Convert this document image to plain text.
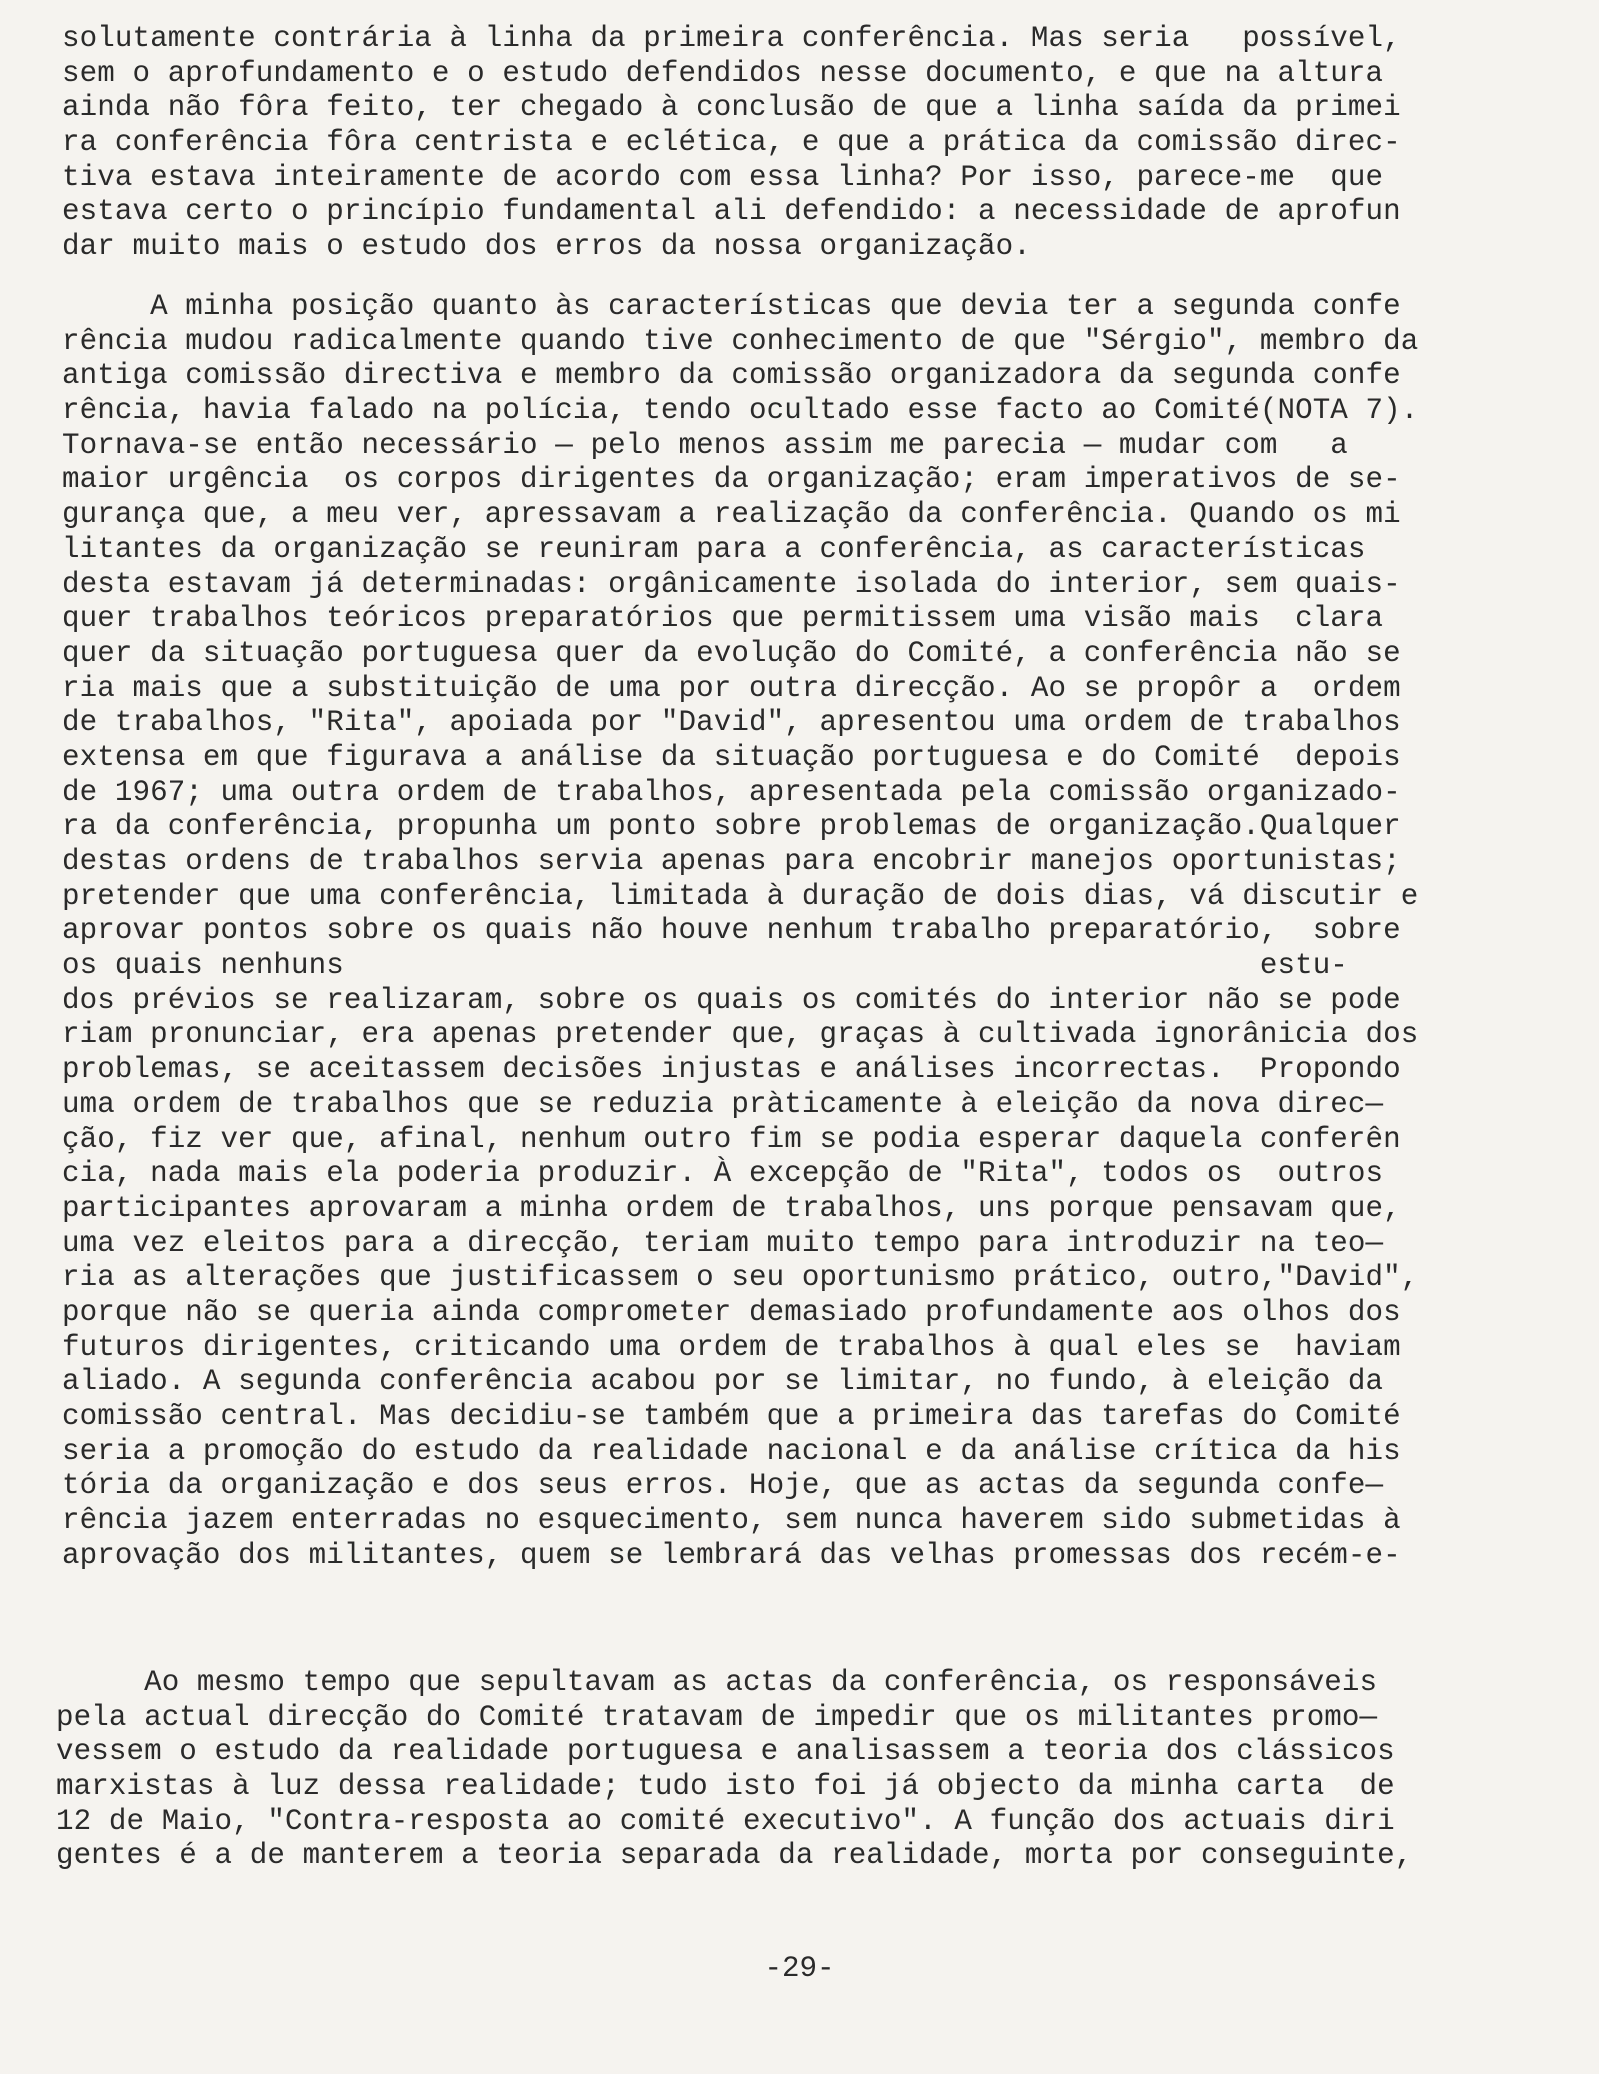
solutamente contrária à linha da primeira conferência. Mas seria   possível,
sem o aprofundamento e o estudo defendidos nesse documento, e que na altura
ainda não fôra feito, ter chegado à conclusão de que a linha saída da primei
ra conferência fôra centrista e eclética, e que a prática da comissão direc-
tiva estava inteiramente de acordo com essa linha? Por isso, parece-me  que
estava certo o princípio fundamental ali defendido: a necessidade de aprofun
dar muito mais o estudo dos erros da nossa organização.
A minha posição quanto às características que devia ter a segunda confe
rência mudou radicalmente quando tive conhecimento de que "Sérgio", membro da
antiga comissão directiva e membro da comissão organizadora da segunda confe
rência, havia falado na polícia, tendo ocultado esse facto ao Comité(NOTA 7).
Tornava-se então necessário — pelo menos assim me parecia — mudar com   a
maior urgência  os corpos dirigentes da organização; eram imperativos de se-
gurança que, a meu ver, apressavam a realização da conferência. Quando os mi
litantes da organização se reuniram para a conferência, as características
desta estavam já determinadas: orgânicamente isolada do interior, sem quais-
quer trabalhos teóricos preparatórios que permitissem uma visão mais  clara
quer da situação portuguesa quer da evolução do Comité, a conferência não se
ria mais que a substituição de uma por outra direcção. Ao se propôr a  ordem
de trabalhos, "Rita", apoiada por "David", apresentou uma ordem de trabalhos
extensa em que figurava a análise da situação portuguesa e do Comité  depois
de 1967; uma outra ordem de trabalhos, apresentada pela comissão organizado-
ra da conferência, propunha um ponto sobre problemas de organização.Qualquer
destas ordens de trabalhos servia apenas para encobrir manejos oportunistas;
pretender que uma conferência, limitada à duração de dois dias, vá discutir e
aprovar pontos sobre os quais não houve nenhum trabalho preparatório,  sobre
os quais nenhuns                                                    estu-
dos prévios se realizaram, sobre os quais os comités do interior não se pode
riam pronunciar, era apenas pretender que, graças à cultivada ignorânicia dos
problemas, se aceitassem decisões injustas e análises incorrectas.  Propondo
uma ordem de trabalhos que se reduzia pràticamente à eleição da nova direc—
ção, fiz ver que, afinal, nenhum outro fim se podia esperar daquela conferên
cia, nada mais ela poderia produzir. À excepção de "Rita", todos os  outros
participantes aprovaram a minha ordem de trabalhos, uns porque pensavam que,
uma vez eleitos para a direcção, teriam muito tempo para introduzir na teo—
ria as alterações que justificassem o seu oportunismo prático, outro,"David",
porque não se queria ainda comprometer demasiado profundamente aos olhos dos
futuros dirigentes, criticando uma ordem de trabalhos à qual eles se  haviam
aliado. A segunda conferência acabou por se limitar, no fundo, à eleição da
comissão central. Mas decidiu-se também que a primeira das tarefas do Comité
seria a promoção do estudo da realidade nacional e da análise crítica da his
tória da organização e dos seus erros. Hoje, que as actas da segunda confe—
rência jazem enterradas no esquecimento, sem nunca haverem sido submetidas à
aprovação dos militantes, quem se lembrará das velhas promessas dos recém-e-
Ao mesmo tempo que sepultavam as actas da conferência, os responsáveis
pela actual direcção do Comité tratavam de impedir que os militantes promo—
vessem o estudo da realidade portuguesa e analisassem a teoria dos clássicos
marxistas à luz dessa realidade; tudo isto foi já objecto da minha carta  de
12 de Maio, "Contra-resposta ao comité executivo". A função dos actuais diri
gentes é a de manterem a teoria separada da realidade, morta por conseguinte,
-29-
